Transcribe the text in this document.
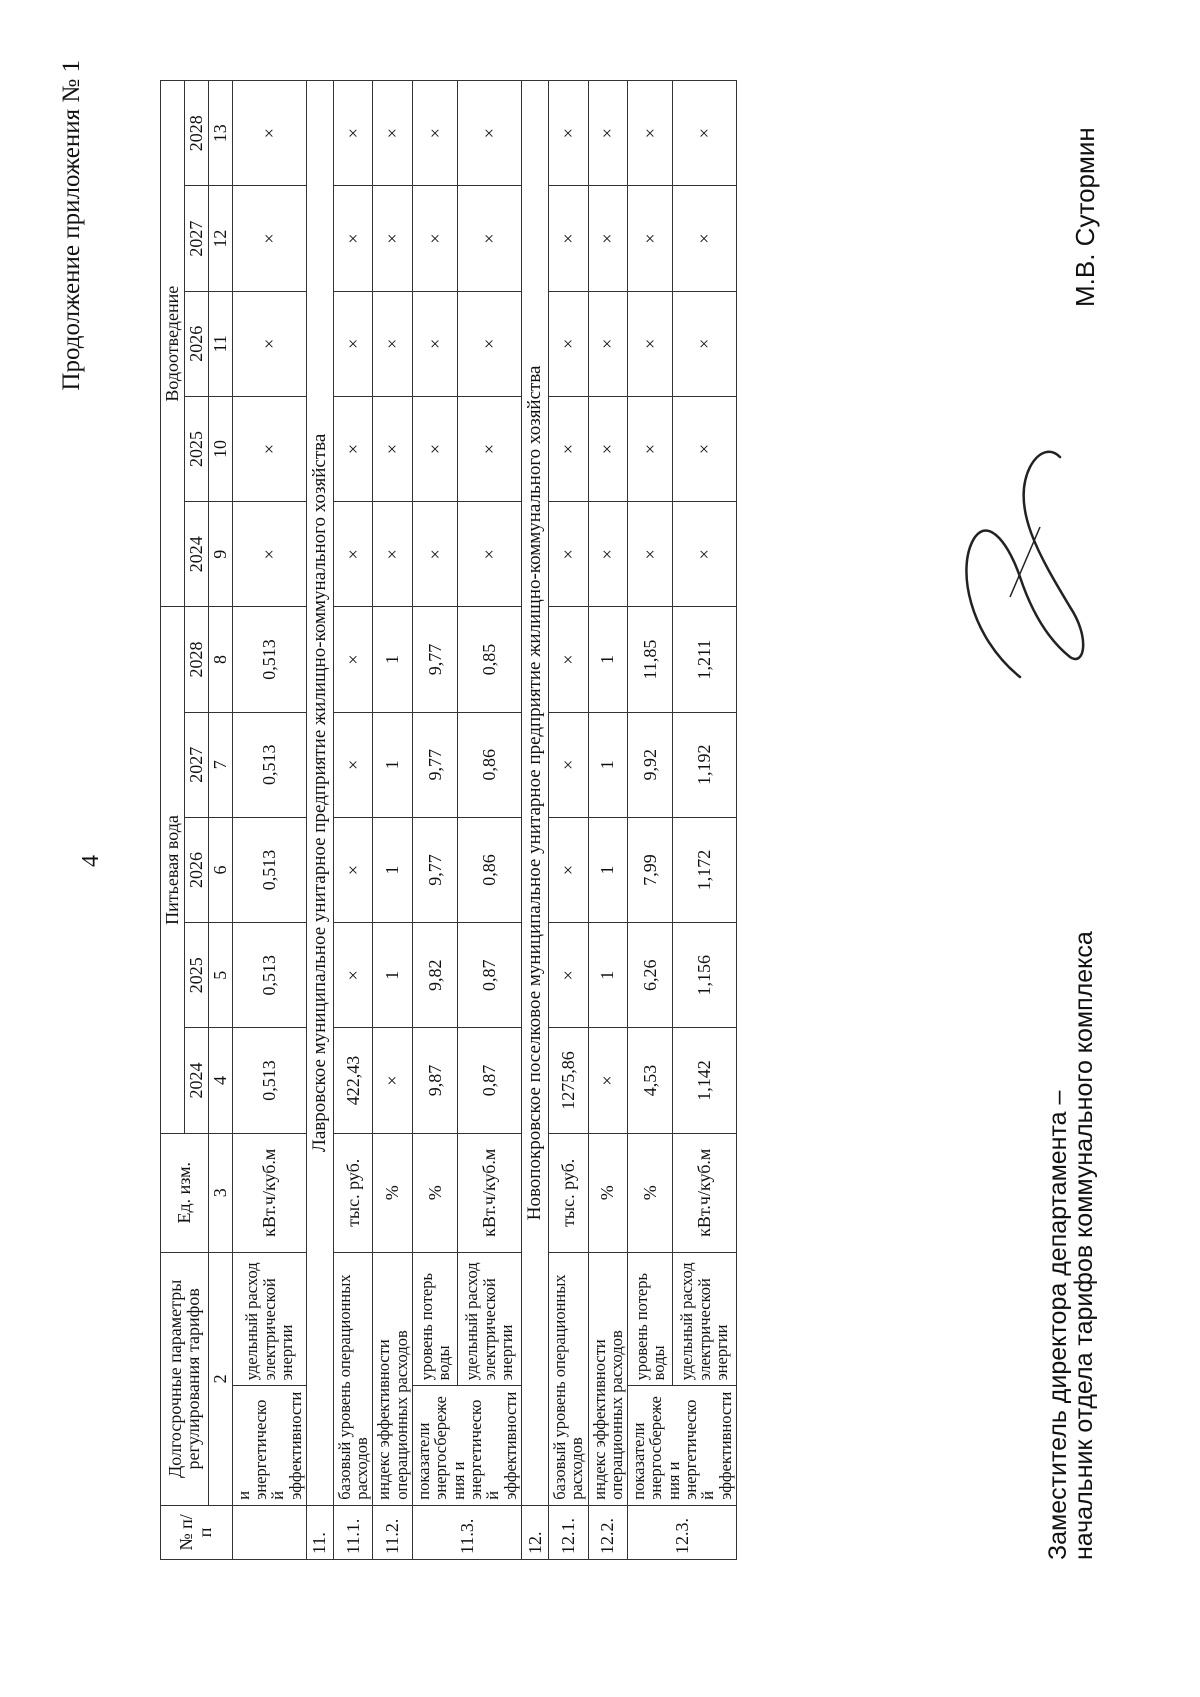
4
Продолжение приложения № 1
№ п/п	Долгосрочные параметры регулирования тарифов		Ед. изм.	Питьевая вода					Водоотведение				
				2024	2025	2026	2027	2028	2024	2025	2026	2027	2028
	2		3	4	5	6	7	8	9	10	11	12	13
	и энергетической эффективности	удельный расход электрической энергии	кВт.ч/куб.м	0,513	0,513	0,513	0,513	0,513	×	×	×	×	×
11.	Лавровское муниципальное унитарное предприятие жилищно-коммунального хозяйства												
11.1.	базовый уровень операционных расходов		тыс. руб.	422,43	×	×	×	×	×	×	×	×	×
11.2.	индекс эффективности операционных расходов		%	×	1	1	1	1	×	×	×	×	×
11.3.	показатели энергосбережения и энергетической эффективности	уровень потерь воды	%	9,87	9,82	9,77	9,77	9,77	×	×	×	×	×
		удельный расход электрической энергии	кВт.ч/куб.м	0,87	0,87	0,86	0,86	0,85	×	×	×	×	×
12.	Новопокровское поселковое муниципальное унитарное предприятие жилищно-коммунального хозяйства												
12.1.	базовый уровень операционных расходов		тыс. руб.	1275,86	×	×	×	×	×	×	×	×	×
12.2.	индекс эффективности операционных расходов		%	×	1	1	1	1	×	×	×	×	×
12.3.	показатели энергосбережения и энергетической эффективности	уровень потерь воды	%	4,53	6,26	7,99	9,92	11,85	×	×	×	×	×
		удельный расход электрической энергии	кВт.ч/куб.м	1,142	1,156	1,172	1,192	1,211	×	×	×	×	×
Заместитель директора департамента –
начальник отдела тарифов коммунального комплекса
М.В. Сутормин
